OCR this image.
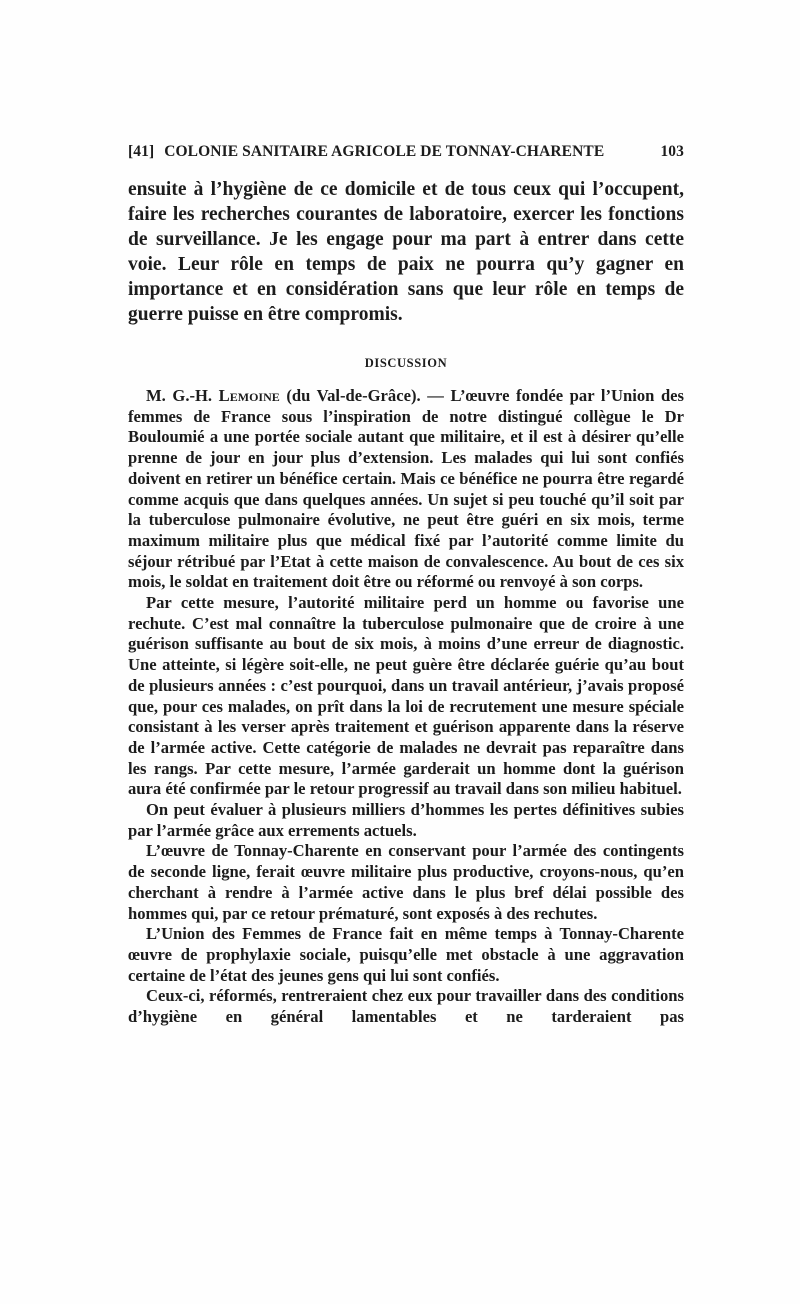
[41] COLONIE SANITAIRE AGRICOLE DE TONNAY-CHARENTE	103

ensuite à l’hygiène de ce domicile et de tous ceux qui l’occupent, faire les recherches courantes de laboratoire, exercer les fonctions de surveillance. Je les engage pour ma part à entrer dans cette voie. Leur rôle en temps de paix ne pourra qu’y gagner en importance et en considération sans que leur rôle en temps de guerre puisse en être compromis.

DISCUSSION

M. G.-H. Lemoine (du Val-de-Grâce). — L’œuvre fondée par l’Union des femmes de France sous l’inspiration de notre distingué collègue le Dr Bouloumié a une portée sociale autant que militaire, et il est à désirer qu’elle prenne de jour en jour plus d’extension. Les malades qui lui sont confiés doivent en retirer un bénéfice certain. Mais ce bénéfice ne pourra être regardé comme acquis que dans quelques années. Un sujet si peu touché qu’il soit par la tuberculose pulmonaire évolutive, ne peut être guéri en six mois, terme maximum militaire plus que médical fixé par l’autorité comme limite du séjour rétribué par l’Etat à cette maison de convalescence. Au bout de ces six mois, le soldat en traitement doit être ou réformé ou renvoyé à son corps.

Par cette mesure, l’autorité militaire perd un homme ou favorise une rechute. C’est mal connaître la tuberculose pulmonaire que de croire à une guérison suffisante au bout de six mois, à moins d’une erreur de diagnostic. Une atteinte, si légère soit-elle, ne peut guère être déclarée guérie qu’au bout de plusieurs années : c’est pourquoi, dans un travail antérieur, j’avais proposé que, pour ces malades, on prît dans la loi de recrutement une mesure spéciale consistant à les verser après traitement et guérison apparente dans la réserve de l’armée active. Cette catégorie de malades ne devrait pas reparaître dans les rangs. Par cette mesure, l’armée garderait un homme dont la guérison aura été confirmée par le retour progressif au travail dans son milieu habituel.

On peut évaluer à plusieurs milliers d’hommes les pertes définitives subies par l’armée grâce aux errements actuels.

L’œuvre de Tonnay-Charente en conservant pour l’armée des contingents de seconde ligne, ferait œuvre militaire plus productive, croyons-nous, qu’en cherchant à rendre à l’armée active dans le plus bref délai possible des hommes qui, par ce retour prématuré, sont exposés à des rechutes.

L’Union des Femmes de France fait en même temps à Tonnay-Charente œuvre de prophylaxie sociale, puisqu’elle met obstacle à une aggravation certaine de l’état des jeunes gens qui lui sont confiés.

Ceux-ci, réformés, rentreraient chez eux pour travailler dans des conditions d’hygiène en général lamentables et ne tarderaient pas
